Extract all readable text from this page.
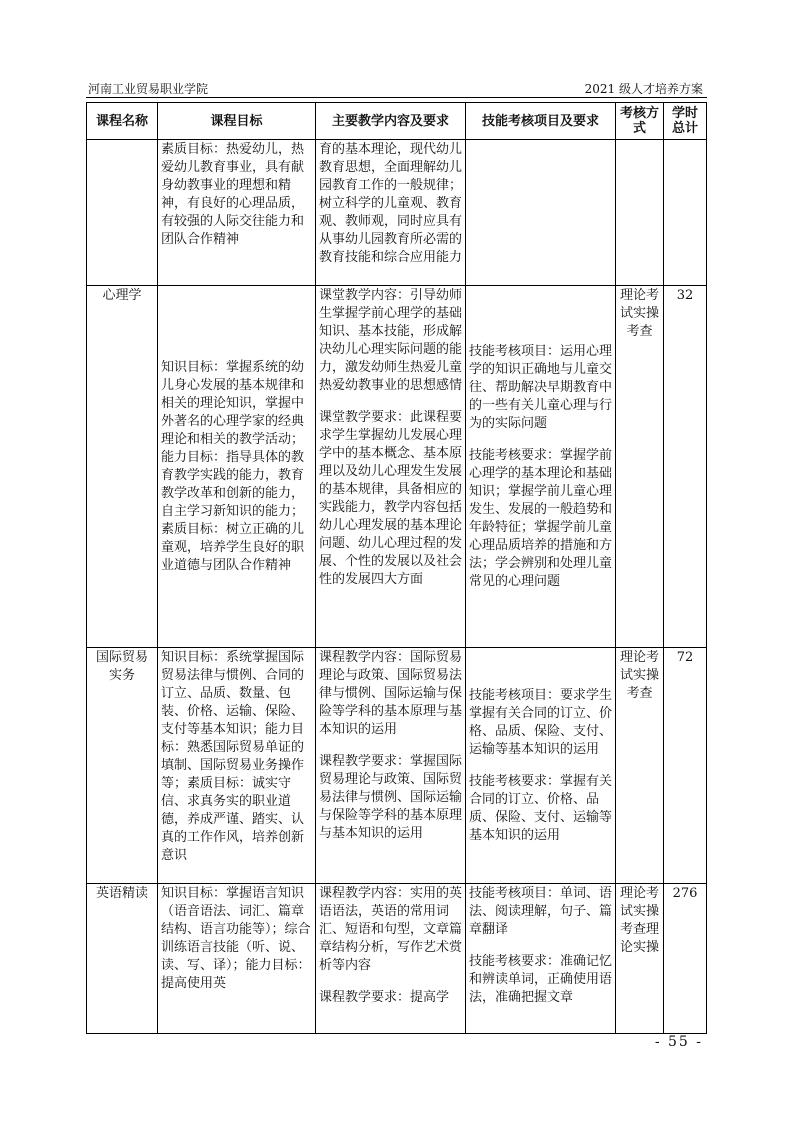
河南工业贸易职业学院	2021 级人才培养方案
课程名称	课程目标	主要教学内容及要求	技能考核项目及要求	考核方式	学时总计

	素质目标：热爱幼儿，热爱幼儿教育事业，具有献身幼教事业的理想和精神，有良好的心理品质，有较强的人际交往能力和团队合作精神	育的基本理论，现代幼儿教育思想，全面理解幼儿园教育工作的一般规律；树立科学的儿童观、教育观、教师观，同时应具有从事幼儿园教育所必需的教育技能和综合应用能力			

心理学	知识目标：掌握系统的幼儿身心发展的基本规律和相关的理论知识，掌握中外著名的心理学家的经典理论和相关的教学活动；能力目标：指导具体的教育教学实践的能力，教育教学改革和创新的能力，自主学习新知识的能力；素质目标：树立正确的儿童观，培养学生良好的职业道德与团队合作精神	课堂教学内容：引导幼师生掌握学前心理学的基础知识、基本技能，形成解决幼儿心理实际问题的能力，激发幼师生热爱儿童热爱幼教事业的思想感情
课堂教学要求：此课程要求学生掌握幼儿发展心理学中的基本概念、基本原理以及幼儿心理发生发展的基本规律，具备相应的实践能力，教学内容包括幼儿心理发展的基本理论问题、幼儿心理过程的发展、个性的发展以及社会性的发展四大方面	技能考核项目：运用心理学的知识正确地与儿童交往、帮助解决早期教育中的一些有关儿童心理与行为的实际问题
技能考核要求：掌握学前心理学的基本理论和基础知识；掌握学前儿童心理发生、发展的一般趋势和年龄特征；掌握学前儿童心理品质培养的措施和方法；学会辨别和处理儿童常见的心理问题	理论考试实操考查	32
国际贸易实务	知识目标：系统掌握国际贸易法律与惯例、合同的订立、品质、数量、包装、价格、运输、保险、支付等基本知识；能力目标：熟悉国际贸易单证的填制、国际贸易业务操作等；素质目标：诚实守信、求真务实的职业道德，养成严谨、踏实、认真的工作作风，培养创新意识	课程教学内容：国际贸易理论与政策、国际贸易法律与惯例、国际运输与保险等学科的基本原理与基本知识的运用
课程教学要求：掌握国际贸易理论与政策、国际贸易法律与惯例、国际运输与保险等学科的基本原理与基本知识的运用	技能考核项目：要求学生掌握有关合同的订立、价格、品质、保险、支付、运输等基本知识的运用
技能考核要求：掌握有关合同的订立、价格、品质、保险、支付、运输等基本知识的运用	理论考试实操考查	72
英语精读	知识目标：掌握语言知识（语音语法、词汇、篇章结构、语言功能等）；综合训练语言技能（听、说、读、写、译）；能力目标：提高使用英	课程教学内容：实用的英语语法，英语的常用词汇、短语和句型，文章篇章结构分析，写作艺术赏析等内容
课程教学要求：提高学	技能考核项目：单词、语法、阅读理解，句子、篇章翻译
技能考核要求：准确记忆和辨读单词，正确使用语法，准确把握文章	理论考试实操考查理论实操	276
- 55 -
